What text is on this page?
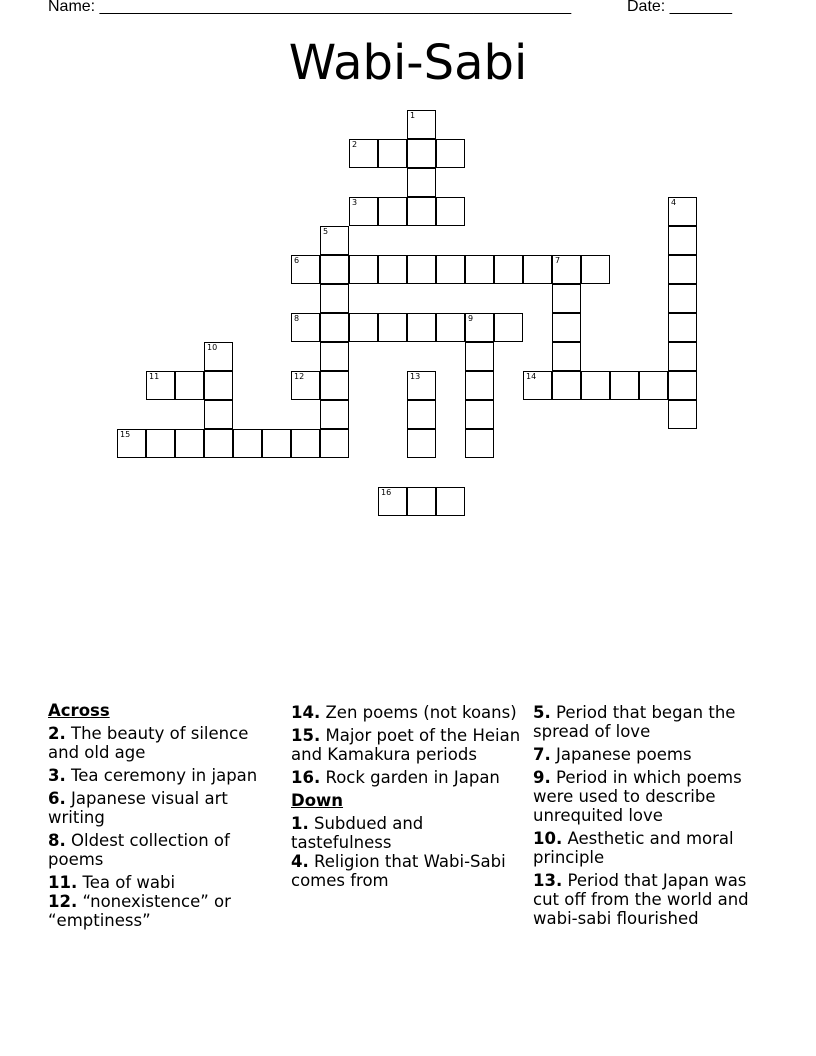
Name: _____________________________________________________	Date: _______
Wabi-Sabi
1
2
3	4
5
6	7
8	9
10
11	12	13	14
15
16
Across
2. The beauty of silence and old age
3. Tea ceremony in japan
6. Japanese visual art writing
8. Oldest collection of poems
11. Tea of wabi
12. “nonexistence” or “emptiness”
14. Zen poems (not koans)
15. Major poet of the Heian and Kamakura periods
16. Rock garden in Japan
Down
1. Subdued and tastefulness
4. Religion that Wabi-Sabi comes from
5. Period that began the spread of love
7. Japanese poems
9. Period in which poems were used to describe unrequited love
10. Aesthetic and moral principle
13. Period that Japan was cut off from the world and wabi-sabi flourished
